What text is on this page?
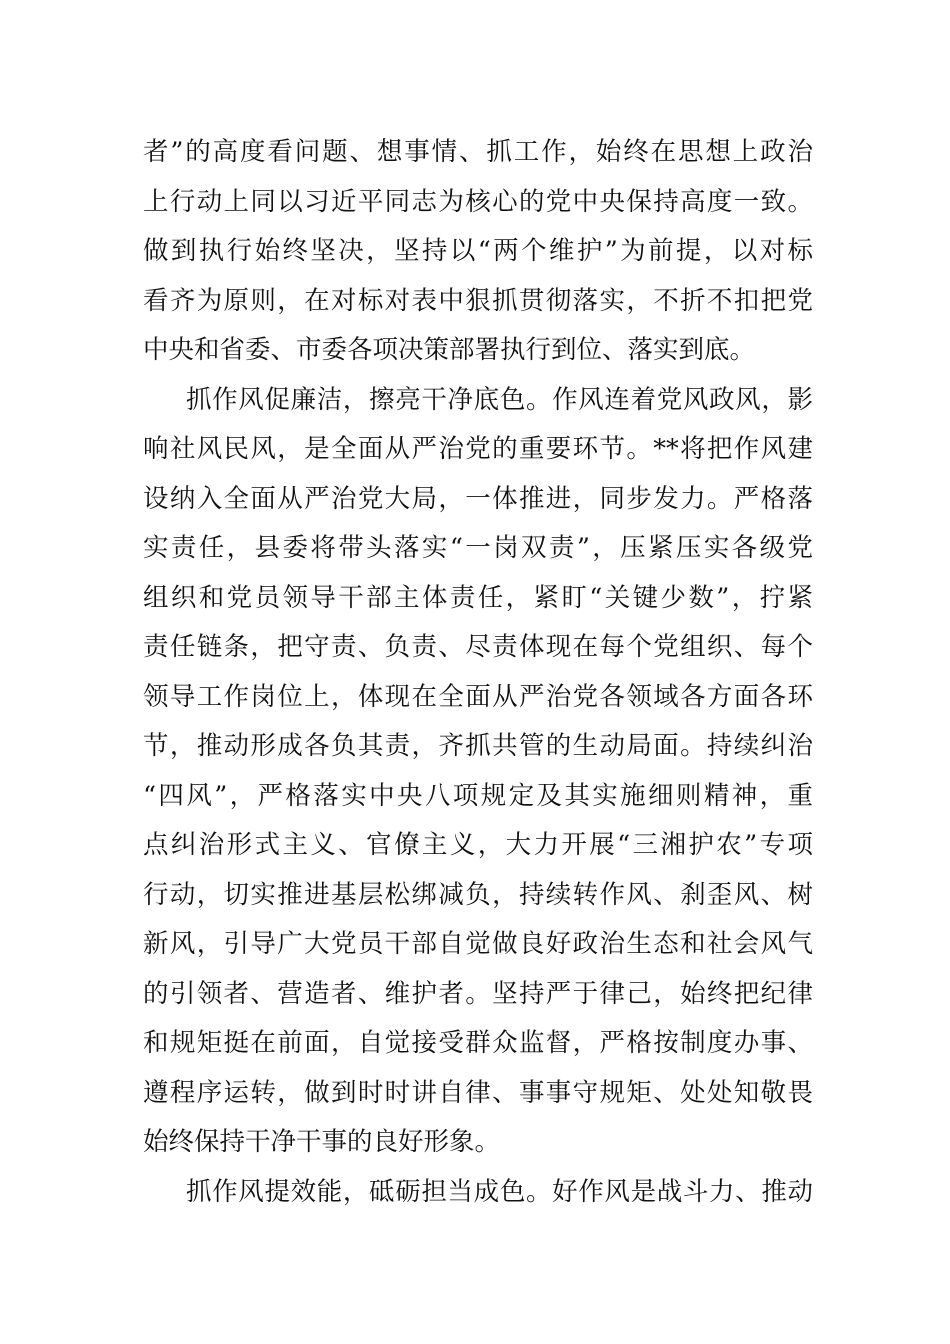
者”的高度看问题、想事情、抓工作，始终在思想上政治
上行动上同以习近平同志为核心的党中央保持高度一致。
做到执行始终坚决，坚持以“两个维护”为前提，以对标
看齐为原则，在对标对表中狠抓贯彻落实，不折不扣把党
中央和省委、市委各项决策部署执行到位、落实到底。
抓作风促廉洁，擦亮干净底色。作风连着党风政风，影
响社风民风，是全面从严治党的重要环节。**将把作风建
设纳入全面从严治党大局，一体推进，同步发力。严格落
实责任，县委将带头落实“一岗双责”，压紧压实各级党
组织和党员领导干部主体责任，紧盯“关键少数”，拧紧
责任链条，把守责、负责、尽责体现在每个党组织、每个
领导工作岗位上，体现在全面从严治党各领域各方面各环
节，推动形成各负其责，齐抓共管的生动局面。持续纠治
“四风”，严格落实中央八项规定及其实施细则精神，重
点纠治形式主义、官僚主义，大力开展“三湘护农”专项
行动，切实推进基层松绑减负，持续转作风、刹歪风、树
新风，引导广大党员干部自觉做良好政治生态和社会风气
的引领者、营造者、维护者。坚持严于律己，始终把纪律
和规矩挺在前面，自觉接受群众监督，严格按制度办事、
遵程序运转，做到时时讲自律、事事守规矩、处处知敬畏
始终保持干净干事的良好形象。
抓作风提效能，砥砺担当成色。好作风是战斗力、推动
